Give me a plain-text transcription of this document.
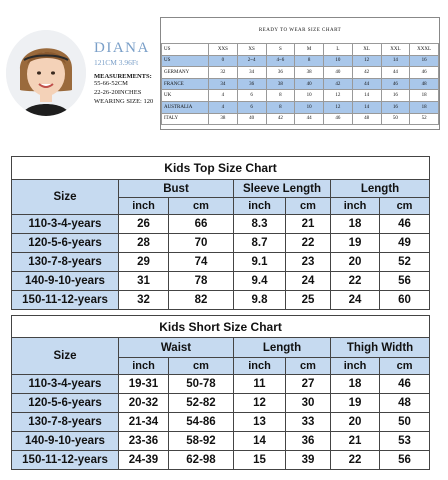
DIANA
121CM 3.96Ft
MEASUREMENTS:
55-66-52CM
22-26-20INCHES
WEARING SIZE: 120
READY TO WEAR SIZE CHART
US	XXS	XS	S	M	L	XL	XXL	XXXL
US	0	2~4	4~6	8	10	12	14	16
GERMANY	32	34	36	38	40	42	44	46
FRANCE	34	36	38	40	42	44	46	48
UK	4	6	8	10	12	14	16	18
AUSTRALIA	4	6	8	10	12	14	16	18
ITALY	38	40	42	44	46	48	50	52
Kids Top Size Chart						
Size	Bust		Sleeve Length		Length	
	inch	cm	inch	cm	inch	cm
110-3-4-years	26	66	8.3	21	18	46
120-5-6-years	28	70	8.7	22	19	49
130-7-8-years	29	74	9.1	23	20	52
140-9-10-years	31	78	9.4	24	22	56
150-11-12-years	32	82	9.8	25	24	60
Kids Short Size Chart						
Size	Waist		Length		Thigh Width	
	inch	cm	inch	cm	inch	cm
110-3-4-years	19-31	50-78	11	27	18	46
120-5-6-years	20-32	52-82	12	30	19	48
130-7-8-years	21-34	54-86	13	33	20	50
140-9-10-years	23-36	58-92	14	36	21	53
150-11-12-years	24-39	62-98	15	39	22	56
